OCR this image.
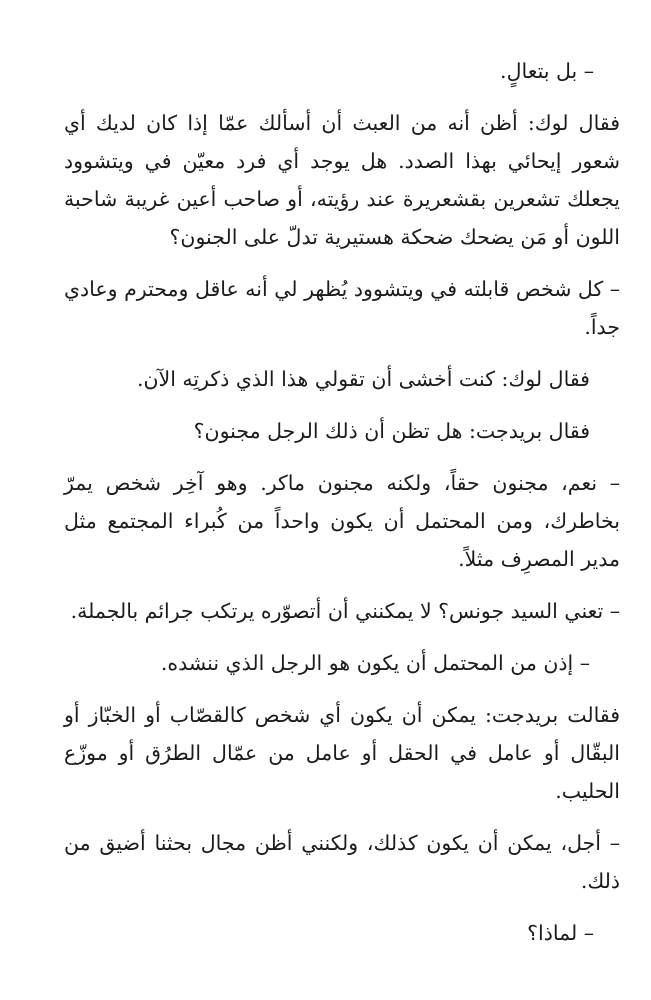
– بل بتعالٍ.

فقال لوك: أظن أنه من العبث أن أسألك عمّا إذا كان لديك أي شعور إيحائي بهذا الصدد. هل يوجد أي فرد معيّن في ويتشوود يجعلك تشعرين بقشعريرة عند رؤيته، أو صاحب أعين غريبة شاحبة اللون أو مَن يضحك ضحكة هستيرية تدلّ على الجنون؟

– كل شخص قابلته في ويتشوود يُظهر لي أنه عاقل ومحترم وعادي جداً.

فقال لوك: كنت أخشى أن تقولي هذا الذي ذكرتِه الآن.

فقال بريدجت: هل تظن أن ذلك الرجل مجنون؟

– نعم، مجنون حقاً، ولكنه مجنون ماكر. وهو آخِر شخص يمرّ بخاطرك، ومن المحتمل أن يكون واحداً من كُبراء المجتمع مثل مدير المصرِف مثلاً.

– تعني السيد جونس؟ لا يمكنني أن أتصوّره يرتكب جرائم بالجملة.

– إذن من المحتمل أن يكون هو الرجل الذي ننشده.

فقالت بريدجت: يمكن أن يكون أي شخص كالقصّاب أو الخبّاز أو البقّال أو عامل في الحقل أو عامل من عمّال الطرُق أو موزّع الحليب.

– أجل، يمكن أن يكون كذلك، ولكنني أظن مجال بحثنا أضيق من ذلك.

– لماذا؟
